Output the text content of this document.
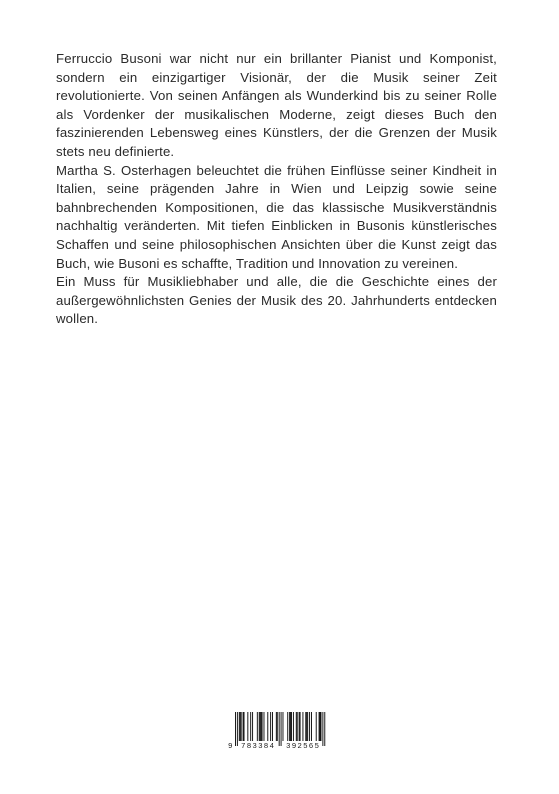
Ferruccio Busoni war nicht nur ein brillanter Pianist und Komponist, sondern ein einzigartiger Visionär, der die Musik seiner Zeit revolutionierte. Von seinen Anfängen als Wunderkind bis zu seiner Rolle als Vordenker der musikalischen Moderne, zeigt dieses Buch den faszinierenden Lebensweg eines Künstlers, der die Grenzen der Musik stets neu definierte.

Martha S. Osterhagen beleuchtet die frühen Einflüsse seiner Kindheit in Italien, seine prägenden Jahre in Wien und Leipzig sowie seine bahnbrechenden Kompositionen, die das klassische Musikverständnis nachhaltig veränderten. Mit tiefen Einblicken in Busonis künstlerisches Schaffen und seine philosophischen Ansichten über die Kunst zeigt das Buch, wie Busoni es schaffte, Tradition und Innovation zu vereinen.

Ein Muss für Musikliebhaber und alle, die die Geschichte eines der außergewöhnlichsten Genies der Musik des 20. Jahrhunderts entdecken wollen.

9 783384 392565
